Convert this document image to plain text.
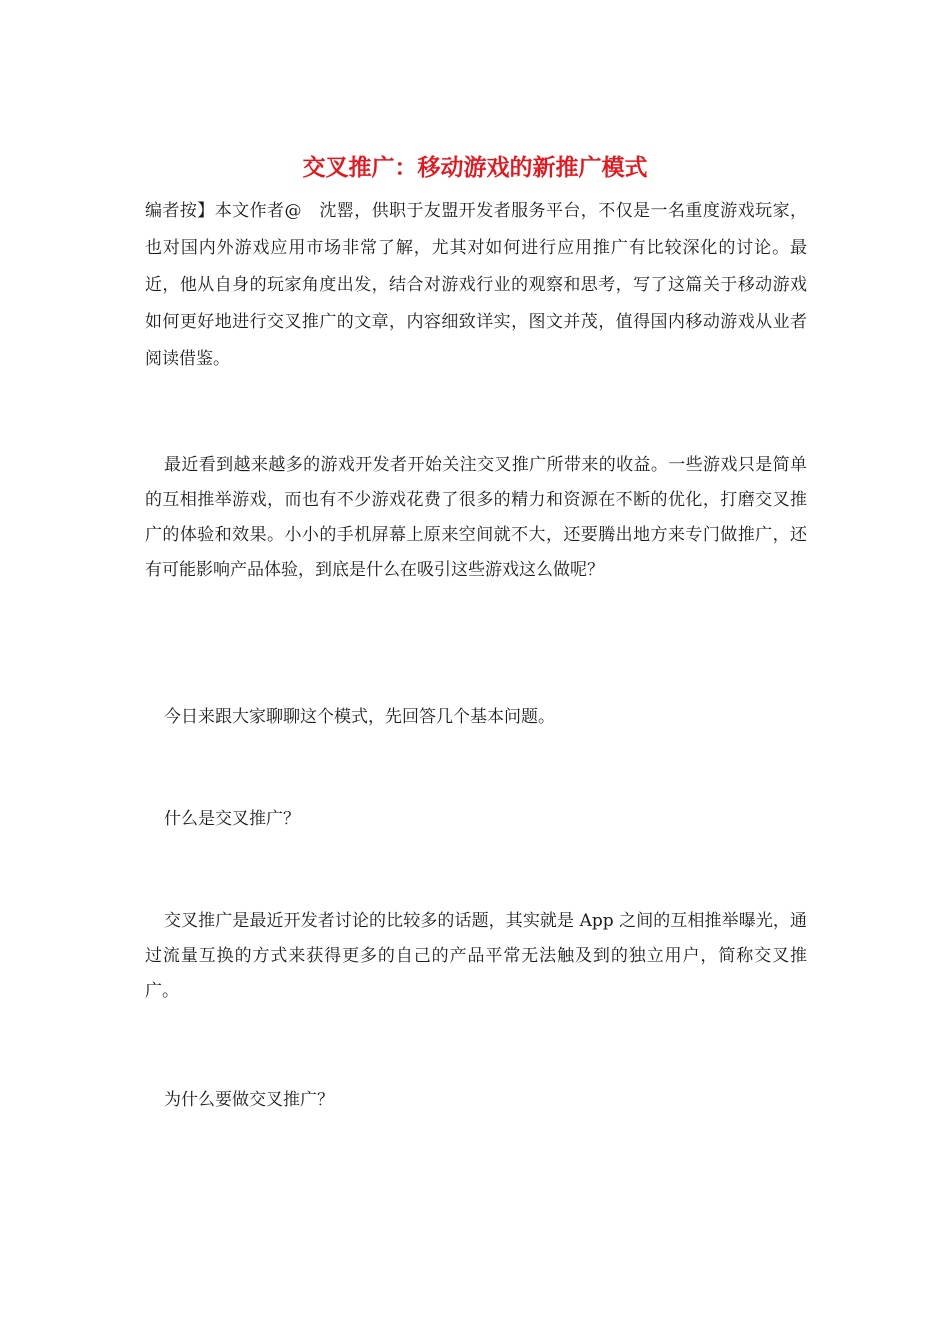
交叉推广：移动游戏的新推广模式

编者按】本文作者@　沈罂，供职于友盟开发者服务平台，不仅是一名重度游戏玩家，也对国内外游戏应用市场非常了解，尤其对如何进行应用推广有比较深化的讨论。最近，他从自身的玩家角度出发，结合对游戏行业的观察和思考，写了这篇关于移动游戏如何更好地进行交叉推广的文章，内容细致详实，图文并茂，值得国内移动游戏从业者阅读借鉴。

最近看到越来越多的游戏开发者开始关注交叉推广所带来的收益。一些游戏只是简单的互相推举游戏，而也有不少游戏花费了很多的精力和资源在不断的优化，打磨交叉推广的体验和效果。小小的手机屏幕上原来空间就不大，还要腾出地方来专门做推广，还有可能影响产品体验，到底是什么在吸引这些游戏这么做呢？

今日来跟大家聊聊这个模式，先回答几个基本问题。

什么是交叉推广？

交叉推广是最近开发者讨论的比较多的话题，其实就是 App 之间的互相推举曝光，通过流量互换的方式来获得更多的自己的产品平常无法触及到的独立用户，简称交叉推广。

为什么要做交叉推广？
